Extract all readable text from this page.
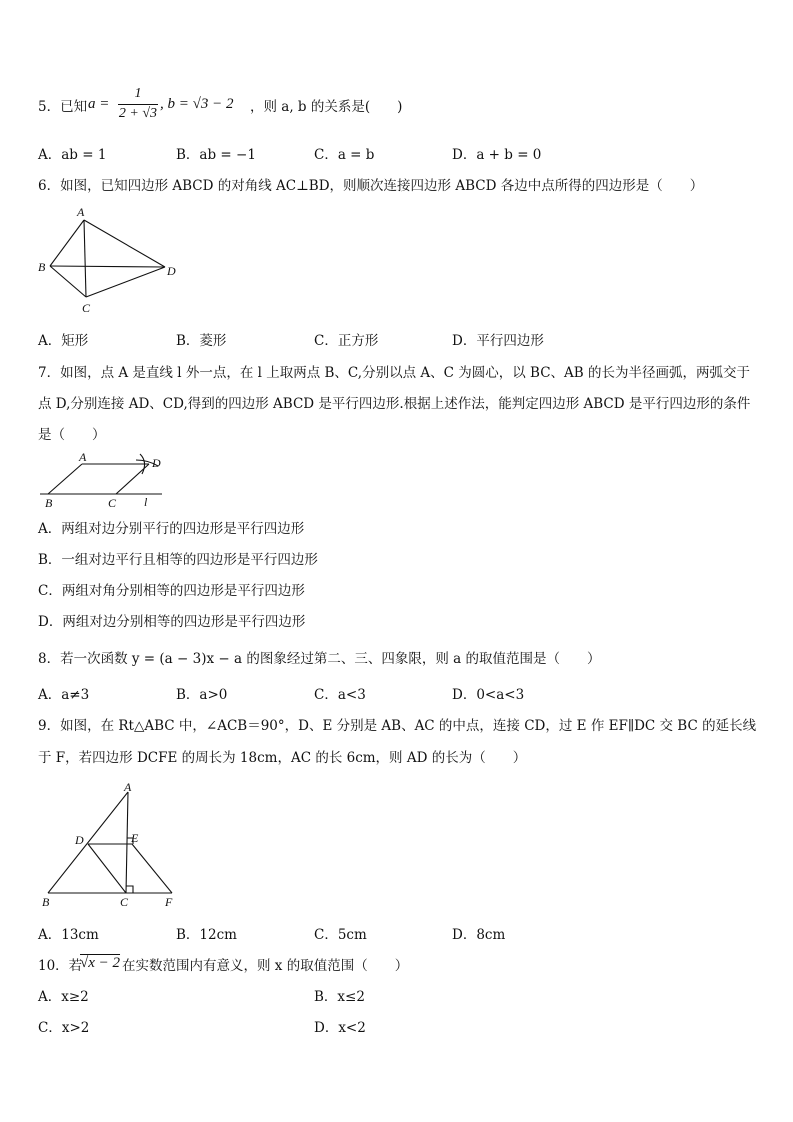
5．已知 a =
1
2 + √3
, b = √3 − 2 ，则 a, b 的关系是(　　)
A．ab = 1	B．ab = −1	C．a = b	D．a + b = 0
6．如图，已知四边形 ABCD 的对角线 AC⊥BD，则顺次连接四边形 ABCD 各边中点所得的四边形是（　　）
A
B
C
D
A．矩形	B．菱形	C．正方形	D．平行四边形
7．如图，点 A 是直线 l 外一点，在 l 上取两点 B、C,分别以点 A、C 为圆心，以 BC、AB 的长为半径画弧，两弧交于
点 D,分别连接 AD、CD,得到的四边形 ABCD 是平行四边形.根据上述作法，能判定四边形 ABCD 是平行四边形的条件
是（　　）
A	D
B	C l
A．两组对边分别平行的四边形是平行四边形
B．一组对边平行且相等的四边形是平行四边形
C．两组对角分别相等的四边形是平行四边形
D．两组对边分别相等的四边形是平行四边形
8．若一次函数 y = (a − 3)x − a 的图象经过第二、三、四象限，则 a 的取值范围是（　　）
A．a≠3	B．a>0	C．a<3	D．0<a<3
9．如图，在 Rt△ABC 中，∠ACB＝90°，D、E 分别是 AB、AC 的中点，连接 CD，过 E 作 EF∥DC 交 BC 的延长线
于 F，若四边形 DCFE 的周长为 18cm，AC 的长 6cm，则 AD 的长为（　　）
A
D	E
B	C	F
A．13cm	B．12cm	C．5cm	D．8cm
10．若
√x − 2 在实数范围内有意义，则 x 的取值范围（　　）
A．x≥2	B．x≤2
C．x>2	D．x<2
